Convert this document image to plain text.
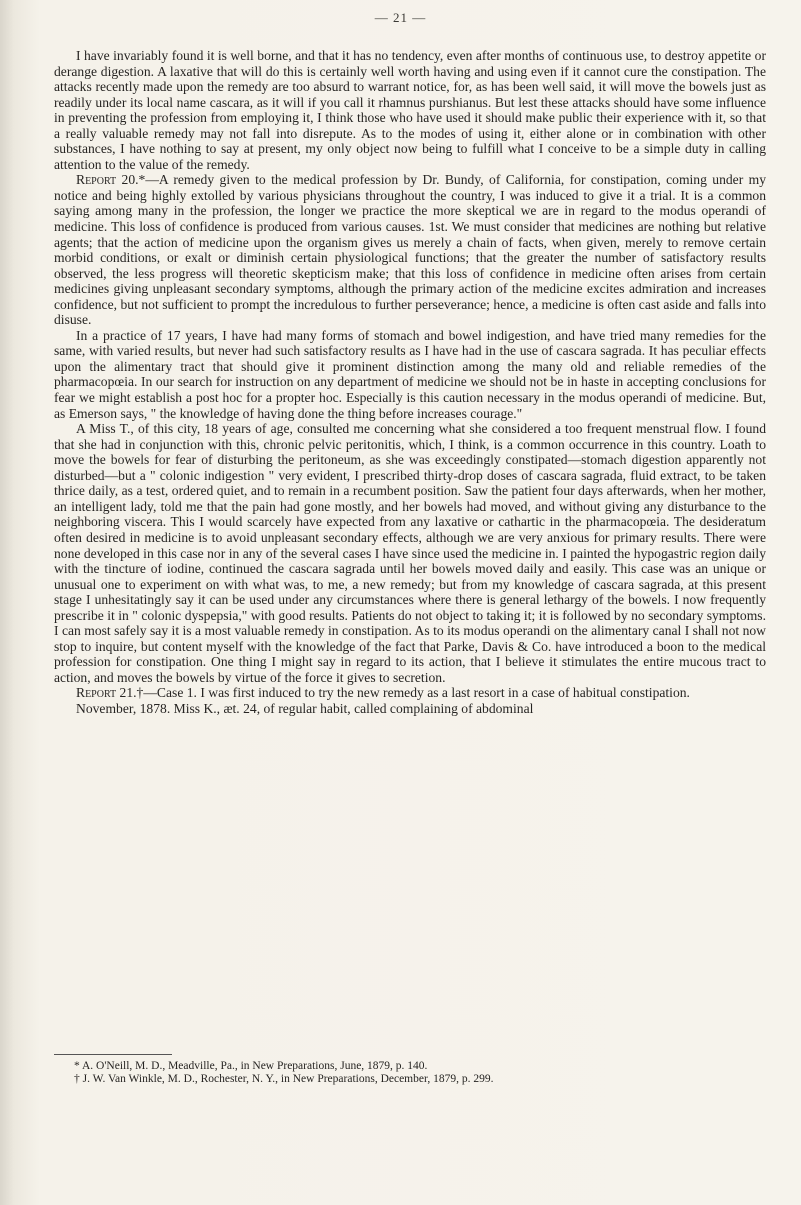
— 21 —

I have invariably found it is well borne, and that it has no tendency, even after months of continuous use, to destroy appetite or derange digestion. A laxative that will do this is certainly well worth having and using even if it cannot cure the constipation. The attacks recently made upon the remedy are too absurd to warrant notice, for, as has been well said, it will move the bowels just as readily under its local name cascara, as it will if you call it rhamnus purshianus. But lest these attacks should have some influence in preventing the profession from employing it, I think those who have used it should make public their experience with it, so that a really valuable remedy may not fall into disrepute. As to the modes of using it, either alone or in combination with other substances, I have nothing to say at present, my only object now being to fulfill what I conceive to be a simple duty in calling attention to the value of the remedy.

Report 20.*—A remedy given to the medical profession by Dr. Bundy, of California, for constipation, coming under my notice and being highly extolled by various physicians throughout the country, I was induced to give it a trial. It is a common saying among many in the profession, the longer we practice the more skeptical we are in regard to the modus operandi of medicine. This loss of confidence is produced from various causes. 1st. We must consider that medicines are nothing but relative agents; that the action of medicine upon the organism gives us merely a chain of facts, when given, merely to remove certain morbid conditions, or exalt or diminish certain physiological functions; that the greater the number of satisfactory results observed, the less progress will theoretic skepticism make; that this loss of confidence in medicine often arises from certain medicines giving unpleasant secondary symptoms, although the primary action of the medicine excites admiration and increases confidence, but not sufficient to prompt the incredulous to further perseverance; hence, a medicine is often cast aside and falls into disuse.

In a practice of 17 years, I have had many forms of stomach and bowel indigestion, and have tried many remedies for the same, with varied results, but never had such satisfactory results as I have had in the use of cascara sagrada. It has peculiar effects upon the alimentary tract that should give it prominent distinction among the many old and reliable remedies of the pharmacopœia. In our search for instruction on any department of medicine we should not be in haste in accepting conclusions for fear we might establish a post hoc for a propter hoc. Especially is this caution necessary in the modus operandi of medicine. But, as Emerson says, " the knowledge of having done the thing before increases courage."

A Miss T., of this city, 18 years of age, consulted me concerning what she considered a too frequent menstrual flow. I found that she had in conjunction with this, chronic pelvic peritonitis, which, I think, is a common occurrence in this country. Loath to move the bowels for fear of disturbing the peritoneum, as she was exceedingly constipated—stomach digestion apparently not disturbed—but a " colonic indigestion " very evident, I prescribed thirty-drop doses of cascara sagrada, fluid extract, to be taken thrice daily, as a test, ordered quiet, and to remain in a recumbent position. Saw the patient four days afterwards, when her mother, an intelligent lady, told me that the pain had gone mostly, and her bowels had moved, and without giving any disturbance to the neighboring viscera. This I would scarcely have expected from any laxative or cathartic in the pharmacopœia. The desideratum often desired in medicine is to avoid unpleasant secondary effects, although we are very anxious for primary results. There were none developed in this case nor in any of the several cases I have since used the medicine in. I painted the hypogastric region daily with the tincture of iodine, continued the cascara sagrada until her bowels moved daily and easily. This case was an unique or unusual one to experiment on with what was, to me, a new remedy; but from my knowledge of cascara sagrada, at this present stage I unhesitatingly say it can be used under any circumstances where there is general lethargy of the bowels. I now frequently prescribe it in " colonic dyspepsia," with good results. Patients do not object to taking it; it is followed by no secondary symptoms. I can most safely say it is a most valuable remedy in constipation. As to its modus operandi on the alimentary canal I shall not now stop to inquire, but content myself with the knowledge of the fact that Parke, Davis & Co. have introduced a boon to the medical profession for constipation. One thing I might say in regard to its action, that I believe it stimulates the entire mucous tract to action, and moves the bowels by virtue of the force it gives to secretion.

Report 21.†—Case 1. I was first induced to try the new remedy as a last resort in a case of habitual constipation.

November, 1878. Miss K., æt. 24, of regular habit, called complaining of abdominal

* A. O'Neill, M. D., Meadville, Pa., in New Preparations, June, 1879, p. 140.

† J. W. Van Winkle, M. D., Rochester, N. Y., in New Preparations, December, 1879, p. 299.
